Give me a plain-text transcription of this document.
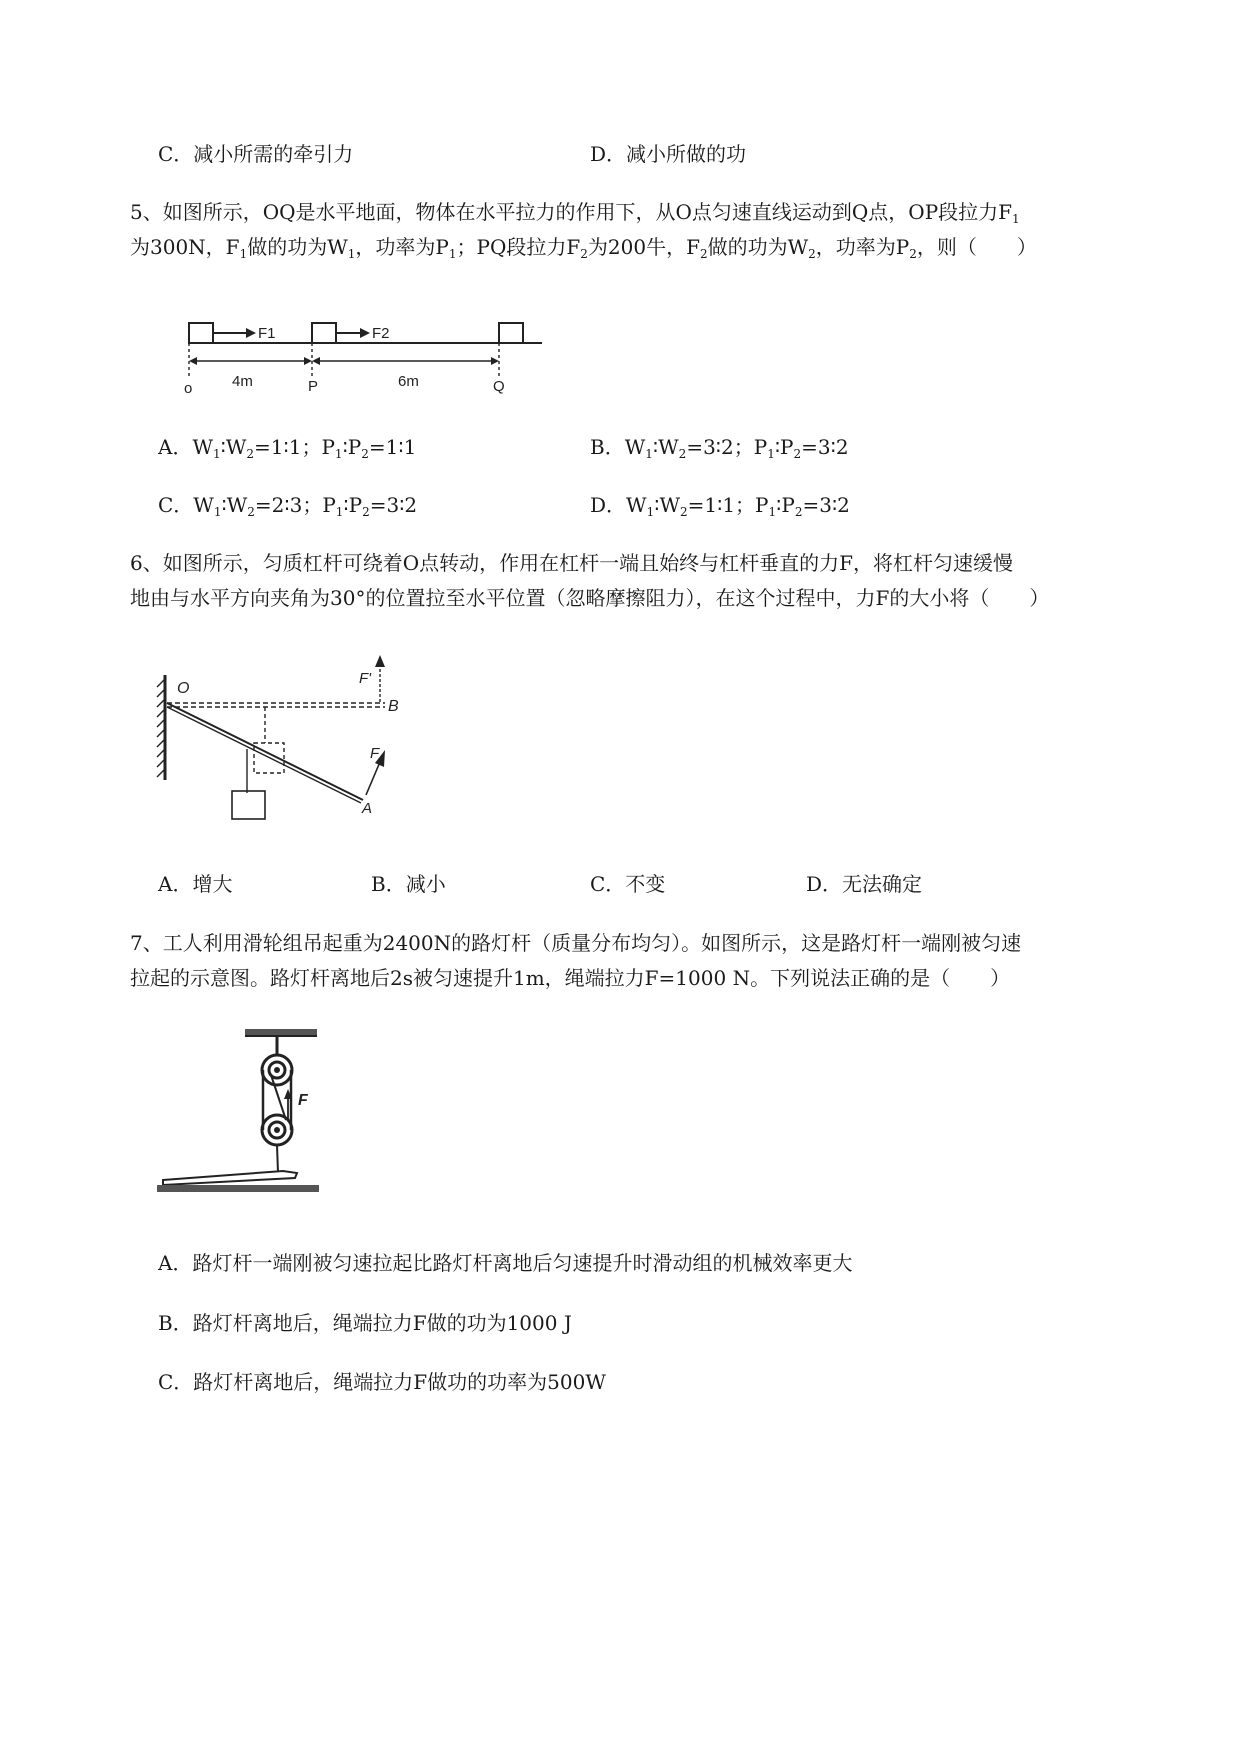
C．减小所需的牵引力	D．减小所做的功
5、如图所示，OQ是水平地面，物体在水平拉力的作用下，从O点匀速直线运动到Q点，OP段拉力$F_1$
为300N，$F_1$做的功为$W_1$，功率为$P_1$；PQ段拉力$F_2$为200牛，$F_2$做的功为$W_2$，功率为$P_2$，则（　　）
F1	F2
4m	6m
o	P	Q
A．$W_1∶W_2=1∶1$；$P_1∶P_2=1∶1$	B．$W_1∶W_2=3∶2$；$P_1∶P_2=3∶2$
C．$W_1∶W_2=2∶3$；$P_1∶P_2=3∶2$	D．$W_1∶W_2=1∶1$；$P_1∶P_2=3∶2$
6、如图所示，匀质杠杆可绕着O点转动，作用在杠杆一端且始终与杠杆垂直的力F，将杠杆匀速缓慢
地由与水平方向夹角为30°的位置拉至水平位置（忽略摩擦阻力），在这个过程中，力F的大小将（　　）
F'
F
O
B
A
A．增大	B．减小	C．不变	D．无法确定
7、工人利用滑轮组吊起重为2400N的路灯杆（质量分布均匀）。如图所示，这是路灯杆一端刚被匀速
拉起的示意图。路灯杆离地后2s被匀速提升1m，绳端拉力F=1000 N。下列说法正确的是（　　）
F
A．路灯杆一端刚被匀速拉起比路灯杆离地后匀速提升时滑动组的机械效率更大
B．路灯杆离地后，绳端拉力F做的功为1000 J
C．路灯杆离地后，绳端拉力F做功的功率为500W
